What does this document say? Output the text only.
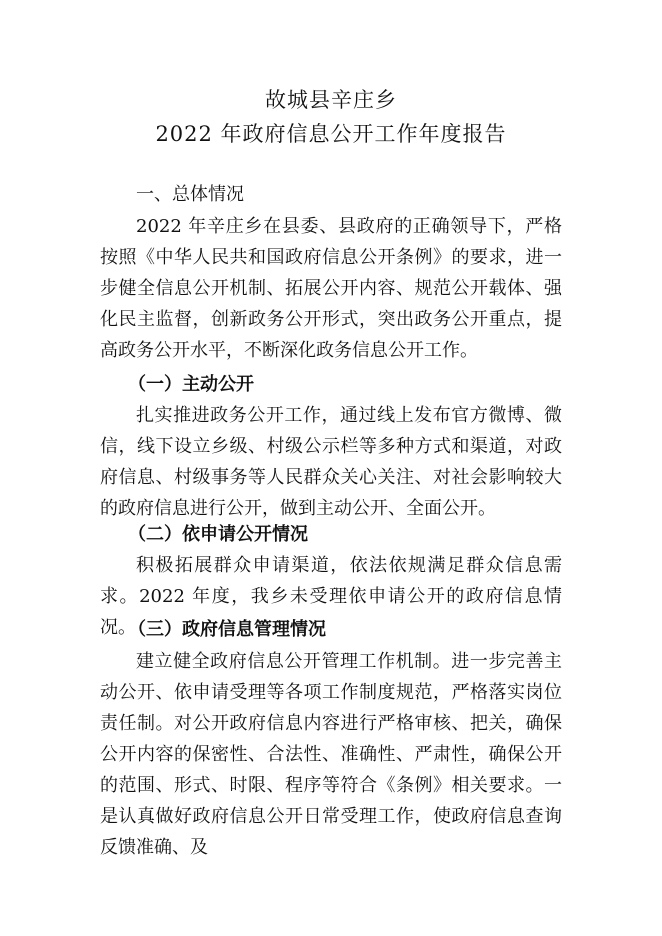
故城县辛庄乡
2022 年政府信息公开工作年度报告
一、总体情况
2022 年辛庄乡在县委、县政府的正确领导下，严格按照《中华人民共和国政府信息公开条例》的要求，进一步健全信息公开机制、拓展公开内容、规范公开载体、强化民主监督，创新政务公开形式，突出政务公开重点，提高政务公开水平，不断深化政务信息公开工作。
（一）主动公开
扎实推进政务公开工作，通过线上发布官方微博、微信，线下设立乡级、村级公示栏等多种方式和渠道，对政府信息、村级事务等人民群众关心关注、对社会影响较大的政府信息进行公开，做到主动公开、全面公开。
（二）依申请公开情况
积极拓展群众申请渠道，依法依规满足群众信息需求。2022 年度，我乡未受理依申请公开的政府信息情况。
（三）政府信息管理情况
建立健全政府信息公开管理工作机制。进一步完善主动公开、依申请受理等各项工作制度规范，严格落实岗位责任制。对公开政府信息内容进行严格审核、把关，确保公开内容的保密性、合法性、准确性、严肃性，确保公开的范围、形式、时限、程序等符合《条例》相关要求。一是认真做好政府信息公开日常受理工作，使政府信息查询反馈准确、及
